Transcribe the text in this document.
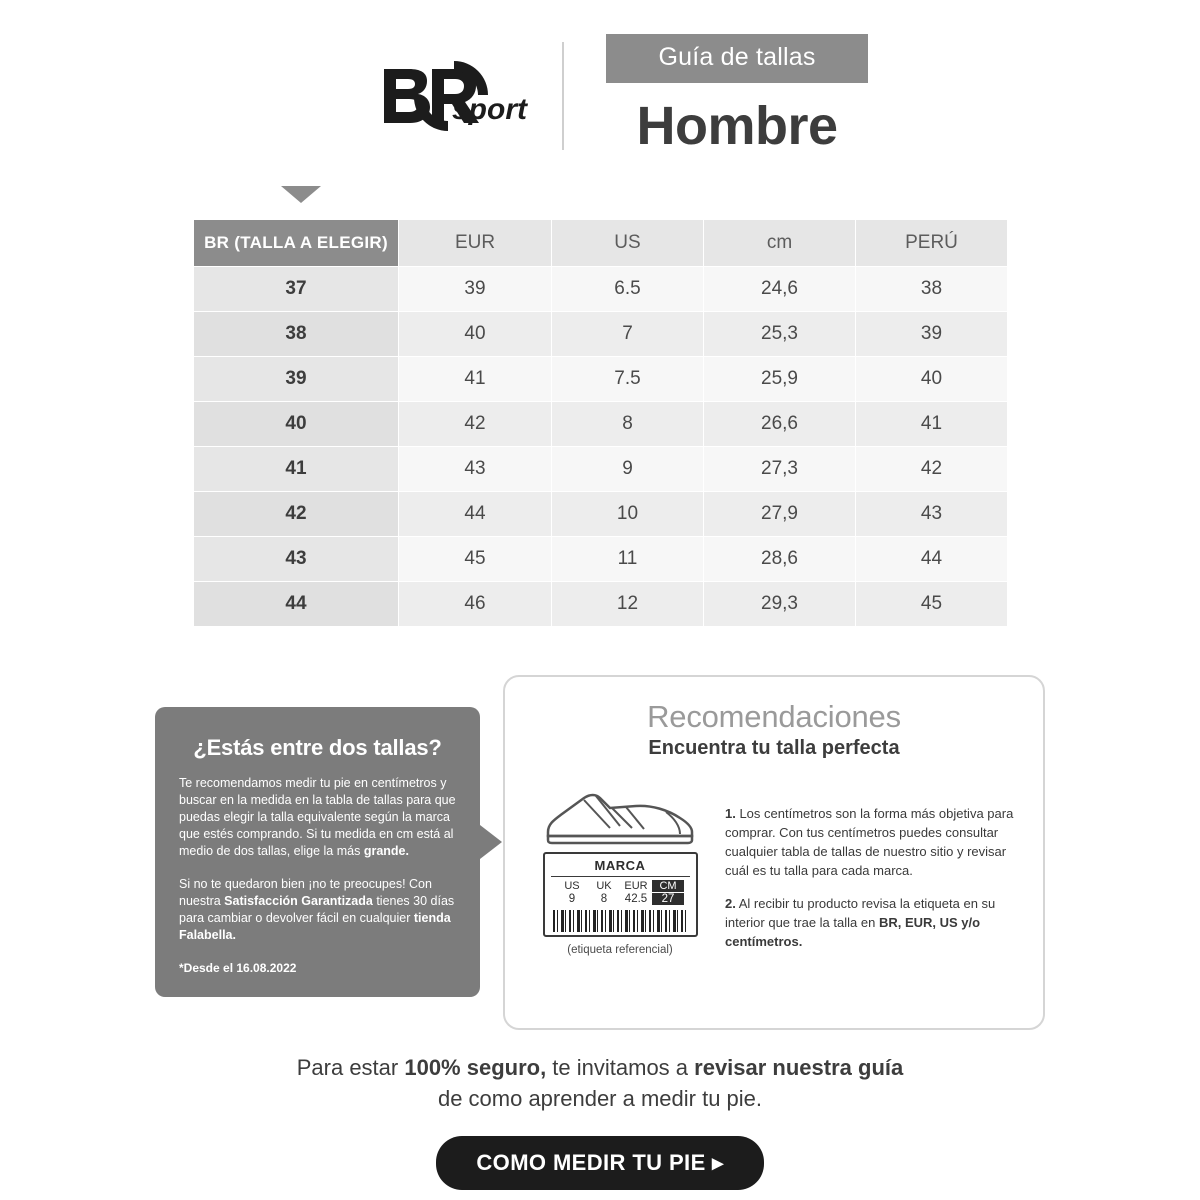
sport
Guía de tallas
Hombre
BR (TALLA A ELEGIR)	EUR	US	cm	PERÚ
37	39	6.5	24,6	38
38	40	7	25,3	39
39	41	7.5	25,9	40
40	42	8	26,6	41
41	43	9	27,3	42
42	44	10	27,9	43
43	45	11	28,6	44
44	46	12	29,3	45
¿Estás entre dos tallas?

Te recomendamos medir tu pie en centímetros y buscar en la medida en la tabla de tallas para que puedas elegir la talla equivalente según la marca que estés comprando. Si tu medida en cm está al medio de dos tallas, elige la más grande.

Si no te quedaron bien ¡no te preocupes! Con nuestra Satisfacción Garantizada tienes 30 días para cambiar o devolver fácil en cualquier tienda Falabella.

*Desde el 16.08.2022

Recomendaciones
Encuentra tu talla perfecta
MARCA
US	UK	EUR	CM
9	8	42.5	27
(etiqueta referencial)

1. Los centímetros son la forma más objetiva para comprar. Con tus centímetros puedes consultar cualquier tabla de tallas de nuestro sitio y revisar cuál es tu talla para cada marca.

2. Al recibir tu producto revisa la etiqueta en su interior que trae la talla en BR, EUR, US y/o centímetros.

Para estar 100% seguro, te invitamos a revisar nuestra guía
de como aprender a medir tu pie.
COMO MEDIR TU PIE ▸
